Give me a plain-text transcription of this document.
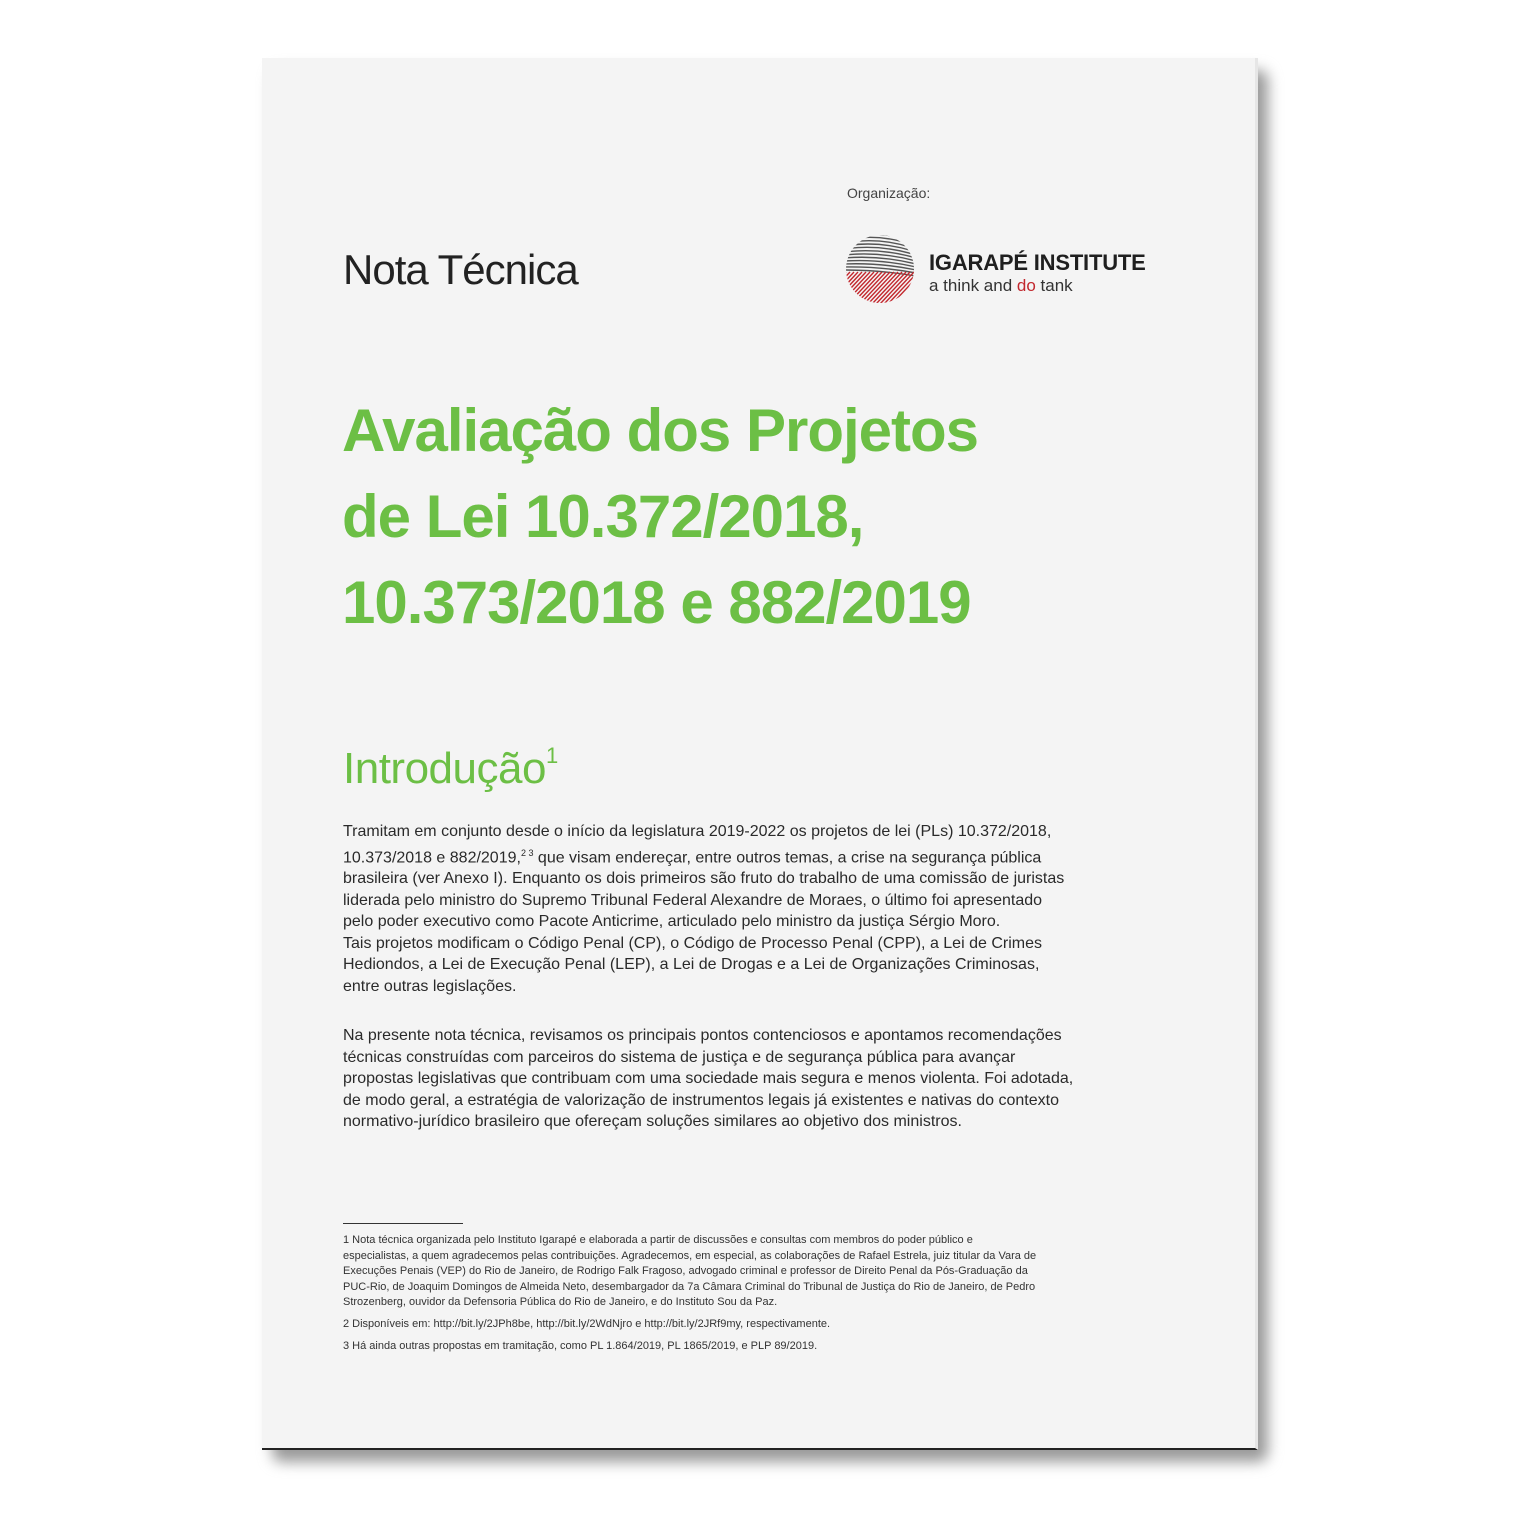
Organização:
Nota Técnica	IGARAPÉ INSTITUTE
a think and do tank
Avaliação dos Projetos
de Lei 10.372/2018,
10.373/2018 e 882/2019
Introdução$^1$

Tramitam em conjunto desde o início da legislatura 2019-2022 os projetos de lei (PLs) 10.372/2018,
10.373/2018 e 882/2019,$^{2 3}$ que visam endereçar, entre outros temas, a crise na segurança pública
brasileira (ver Anexo I). Enquanto os dois primeiros são fruto do trabalho de uma comissão de juristas
liderada pelo ministro do Supremo Tribunal Federal Alexandre de Moraes, o último foi apresentado
pelo poder executivo como Pacote Anticrime, articulado pelo ministro da justiça Sérgio Moro.
Tais projetos modificam o Código Penal (CP), o Código de Processo Penal (CPP), a Lei de Crimes
Hediondos, a Lei de Execução Penal (LEP), a Lei de Drogas e a Lei de Organizações Criminosas,
entre outras legislações.

Na presente nota técnica, revisamos os principais pontos contenciosos e apontamos recomendações
técnicas construídas com parceiros do sistema de justiça e de segurança pública para avançar
propostas legislativas que contribuam com uma sociedade mais segura e menos violenta. Foi adotada,
de modo geral, a estratégia de valorização de instrumentos legais já existentes e nativas do contexto
normativo-jurídico brasileiro que ofereçam soluções similares ao objetivo dos ministros.

1 Nota técnica organizada pelo Instituto Igarapé e elaborada a partir de discussões e consultas com membros do poder público e
especialistas, a quem agradecemos pelas contribuições. Agradecemos, em especial, as colaborações de Rafael Estrela, juiz titular da Vara de
Execuções Penais (VEP) do Rio de Janeiro, de Rodrigo Falk Fragoso, advogado criminal e professor de Direito Penal da Pós-Graduação da
PUC-Rio, de Joaquim Domingos de Almeida Neto, desembargador da 7a Câmara Criminal do Tribunal de Justiça do Rio de Janeiro, de Pedro
Strozenberg, ouvidor da Defensoria Pública do Rio de Janeiro, e do Instituto Sou da Paz.
2 Disponíveis em: http://bit.ly/2JPh8be, http://bit.ly/2WdNjro e http://bit.ly/2JRf9my, respectivamente.
3 Há ainda outras propostas em tramitação, como PL 1.864/2019, PL 1865/2019, e PLP 89/2019.
